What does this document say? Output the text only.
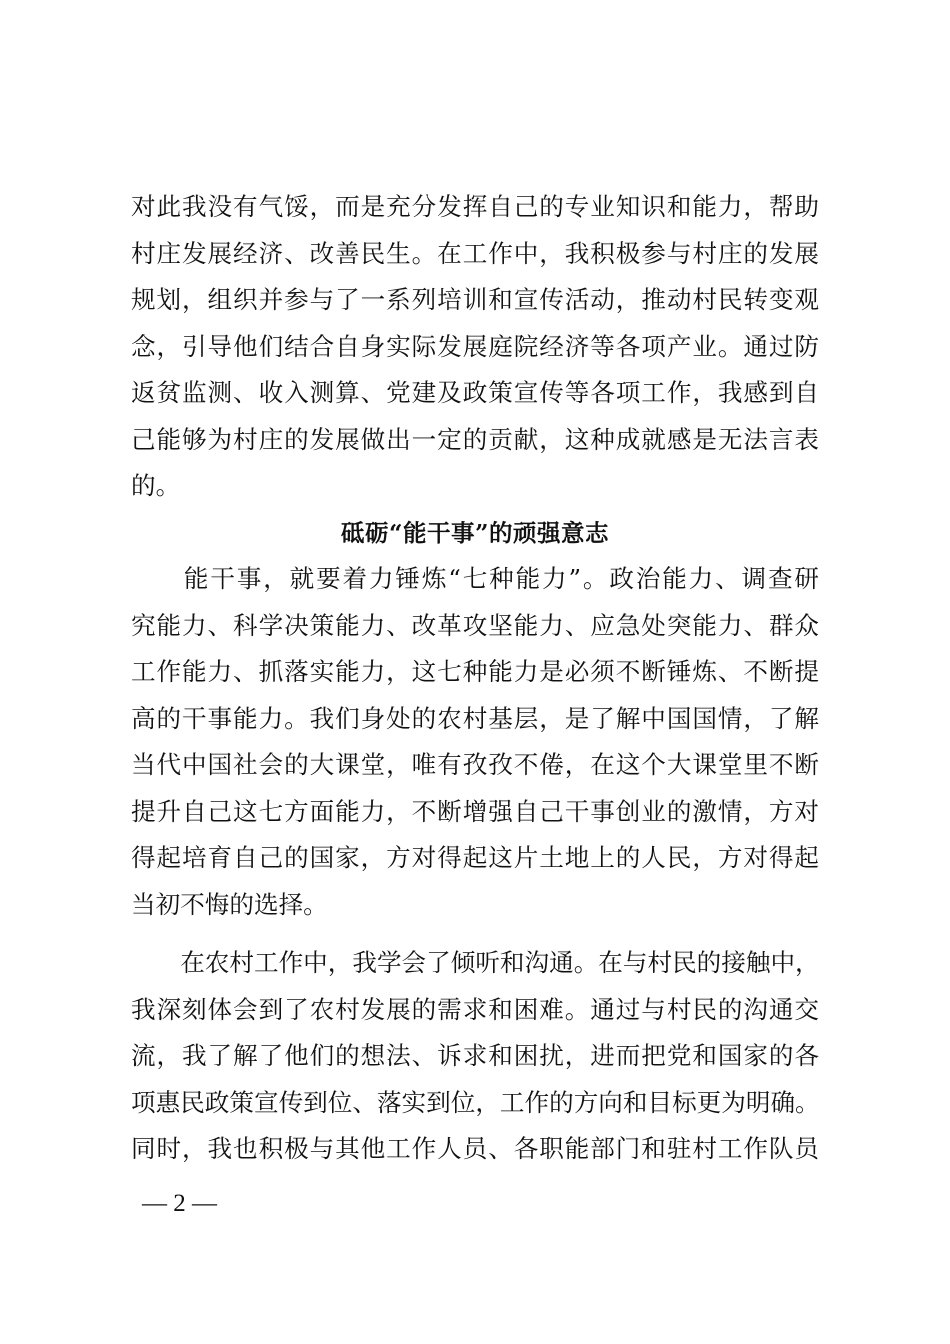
对此我没有气馁，而是充分发挥自己的专业知识和能力，帮助
村庄发展经济、改善民生。在工作中，我积极参与村庄的发展
规划，组织并参与了一系列培训和宣传活动，推动村民转变观
念，引导他们结合自身实际发展庭院经济等各项产业。通过防
返贫监测、收入测算、党建及政策宣传等各项工作，我感到自
己能够为村庄的发展做出一定的贡献，这种成就感是无法言表
的。
砥砺“能干事”的顽强意志
　　能干事，就要着力锤炼“七种能力”。政治能力、调查研
究能力、科学决策能力、改革攻坚能力、应急处突能力、群众
工作能力、抓落实能力，这七种能力是必须不断锤炼、不断提
高的干事能力。我们身处的农村基层，是了解中国国情，了解
当代中国社会的大课堂，唯有孜孜不倦，在这个大课堂里不断
提升自己这七方面能力，不断增强自己干事创业的激情，方对
得起培育自己的国家，方对得起这片土地上的人民，方对得起
当初不悔的选择。
　　在农村工作中，我学会了倾听和沟通。在与村民的接触中，
我深刻体会到了农村发展的需求和困难。通过与村民的沟通交
流，我了解了他们的想法、诉求和困扰，进而把党和国家的各
项惠民政策宣传到位、落实到位，工作的方向和目标更为明确。
同时，我也积极与其他工作人员、各职能部门和驻村工作队员
— 2 —
